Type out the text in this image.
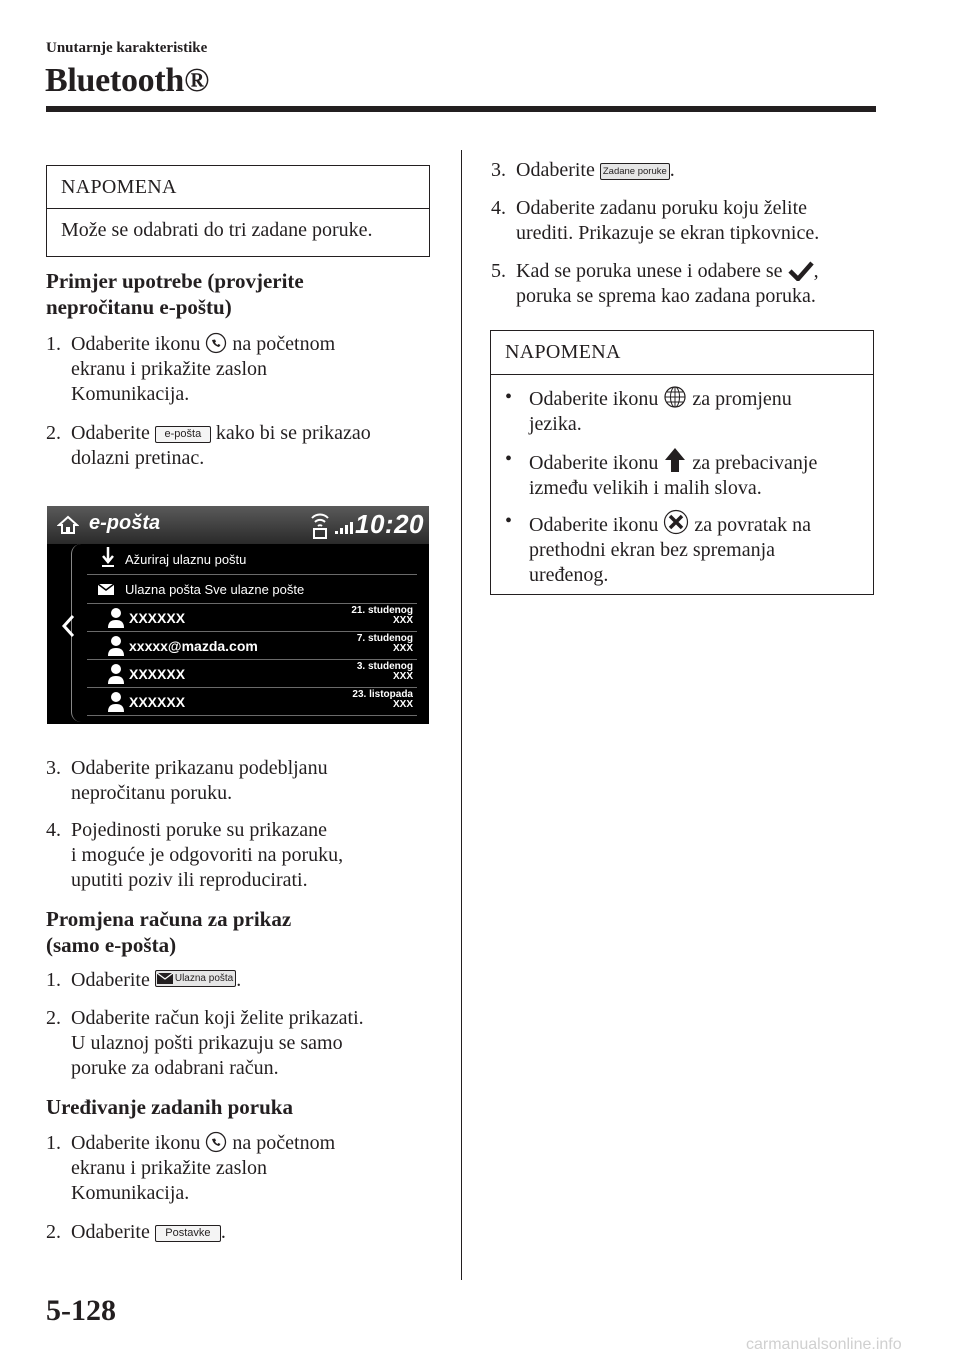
Unutarnje karakteristike
Bluetooth®
NAPOMENA
Može se odabrati do tri zadane poruke.
Primjer upotrebe (provjerite
nepročitanu e-poštu)
1. Odaberite ikonu na početnom
ekranu i prikažite zaslon
Komunikacija.
2. Odaberite e-pošta kako bi se prikazao
dolazni pretinac.
e-pošta	10:20
Ažuriraj ulaznu poštu
Ulazna pošta Sve ulazne pošte
XXXXXX	21. studenog
XXX
xxxxx@mazda.com	7. studenog
XXX
XXXXXX	3. studenog
XXX
XXXXXX	23. listopada
XXX
3. Odaberite prikazanu podebljanu
nepročitanu poruku.
4. Pojedinosti poruke su prikazane
i moguće je odgovoriti na poruku,
uputiti poziv ili reproducirati.
Promjena računa za prikaz
(samo e-pošta)
1. Odaberite	Ulazna pošta .
2. Odaberite račun koji želite prikazati.
U ulaznoj pošti prikazuju se samo
poruke za odabrani račun.
Uređivanje zadanih poruka
1. Odaberite ikonu na početnom
ekranu i prikažite zaslon
Komunikacija.
2. Odaberite Postavke .
3. Odaberite Zadane poruke .
4. Odaberite zadanu poruku koju želite
urediti. Prikazuje se ekran tipkovnice.
5. Kad se poruka unese i odabere se ,
poruka se sprema kao zadana poruka.
NAPOMENA
• Odaberite ikonu za promjenu
jezika.
• Odaberite ikonu za prebacivanje
između velikih i malih slova.
• Odaberite ikonu za povratak na
prethodni ekran bez spremanja
uređenog.
5-128
carmanualsonline.info
